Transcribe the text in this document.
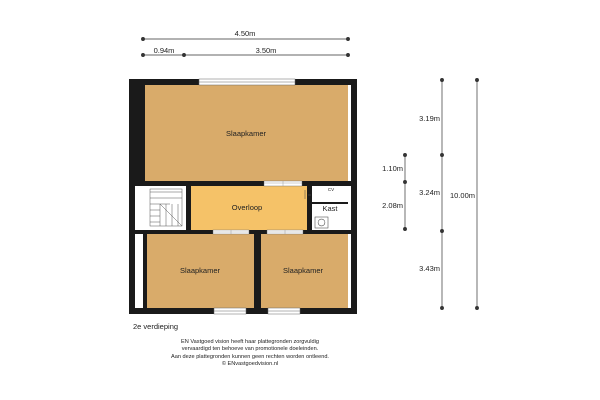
4.50m
0.94m	3.50m
CV
Kast
Slaapkamer
Overloop
Slaapkamer	Slaapkamer
3.19m
3.24m
3.43m
10.00m
1.10m
2.08m
2e verdieping
EN Vastgoed vision heeft haar plattegronden zorgvuldig
vervaardigd ten behoeve van promotionele doeleinden.
Aan deze plattegronden kunnen geen rechten worden ontleend.
© ENvastgoedvision.nl
